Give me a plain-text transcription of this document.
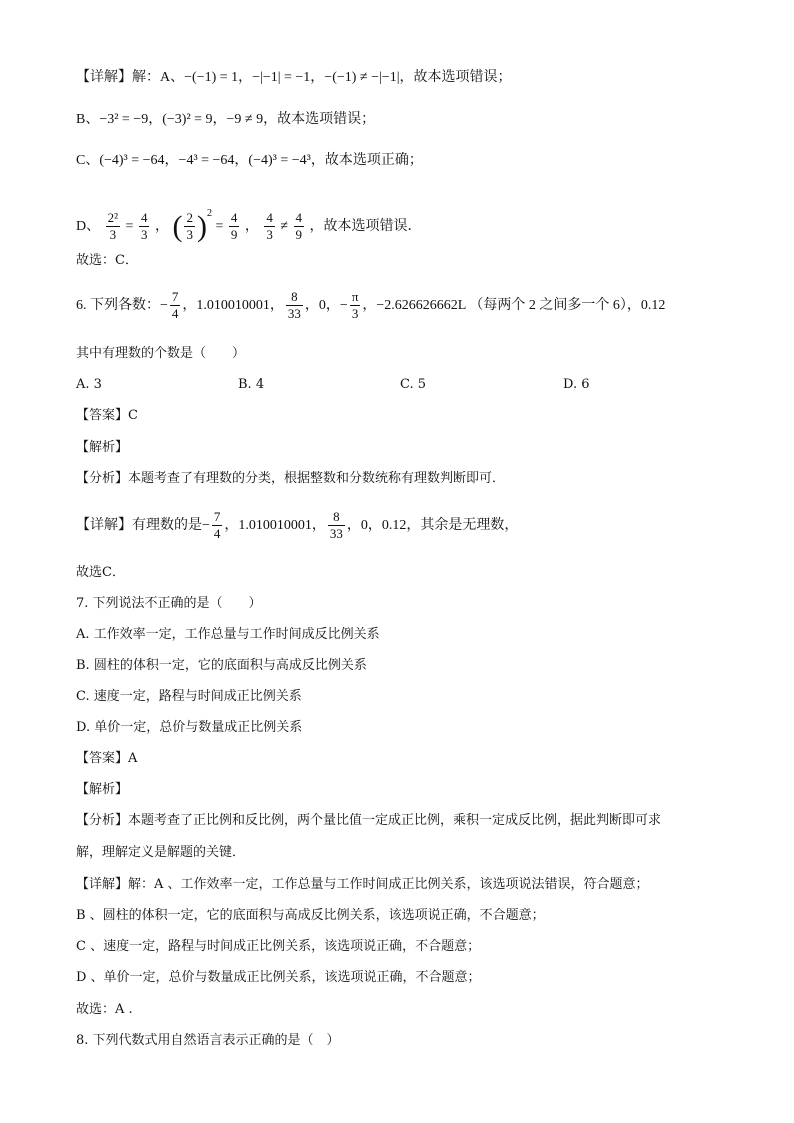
【详解】解：A、−(−1) = 1，−|−1| = −1，−(−1) ≠ −|−1|，故本选项错误；
B、−3² = −9，(−3)² = 9，−9 ≠ 9，故本选项错误；
C、(−4)³ = −64，−4³ = −64，(−4)³ = −4³，故本选项正确；
D、 $\frac{\text{2²}}{3} = \frac{4}{3}$ ， ( $\frac{2}{3} )^2 = \frac{4}{9}$ ， $\frac{4}{3} \ne \frac{4}{9}$ ，故本选项错误．
故选：C．
6. 下列各数：− $\frac{7}{4}$ ，1.010010001， $\frac{8}{33}$ ，0，− $\frac{\pi}{3}$ ，−2.626626662L （每两个 2 之间多一个 6），0.12
其中有理数的个数是（　　）
A. 3	B. 4	C. 5	D. 6
【答案】C
【解析】
【分析】本题考查了有理数的分类，根据整数和分数统称有理数判断即可．
【详解】有理数的是− $\frac{7}{4}$ ，1.010010001， $\frac{8}{33}$ ，0，0.12，其余是无理数，
故选C．
7. 下列说法不正确的是（　　）
A. 工作效率一定，工作总量与工作时间成反比例关系
B. 圆柱的体积一定，它的底面积与高成反比例关系
C. 速度一定，路程与时间成正比例关系
D. 单价一定，总价与数量成正比例关系
【答案】A
【解析】
【分析】本题考查了正比例和反比例，两个量比值一定成正比例，乘积一定成反比例，据此判断即可求
解，理解定义是解题的关键．
【详解】解：A 、工作效率一定，工作总量与工作时间成正比例关系，该选项说法错误，符合题意；
B 、圆柱的体积一定，它的底面积与高成反比例关系，该选项说正确，不合题意；
C 、速度一定，路程与时间成正比例关系，该选项说正确，不合题意；
D 、单价一定，总价与数量成正比例关系，该选项说正确，不合题意；
故选：A .
8. 下列代数式用自然语言表示正确的是（　）
